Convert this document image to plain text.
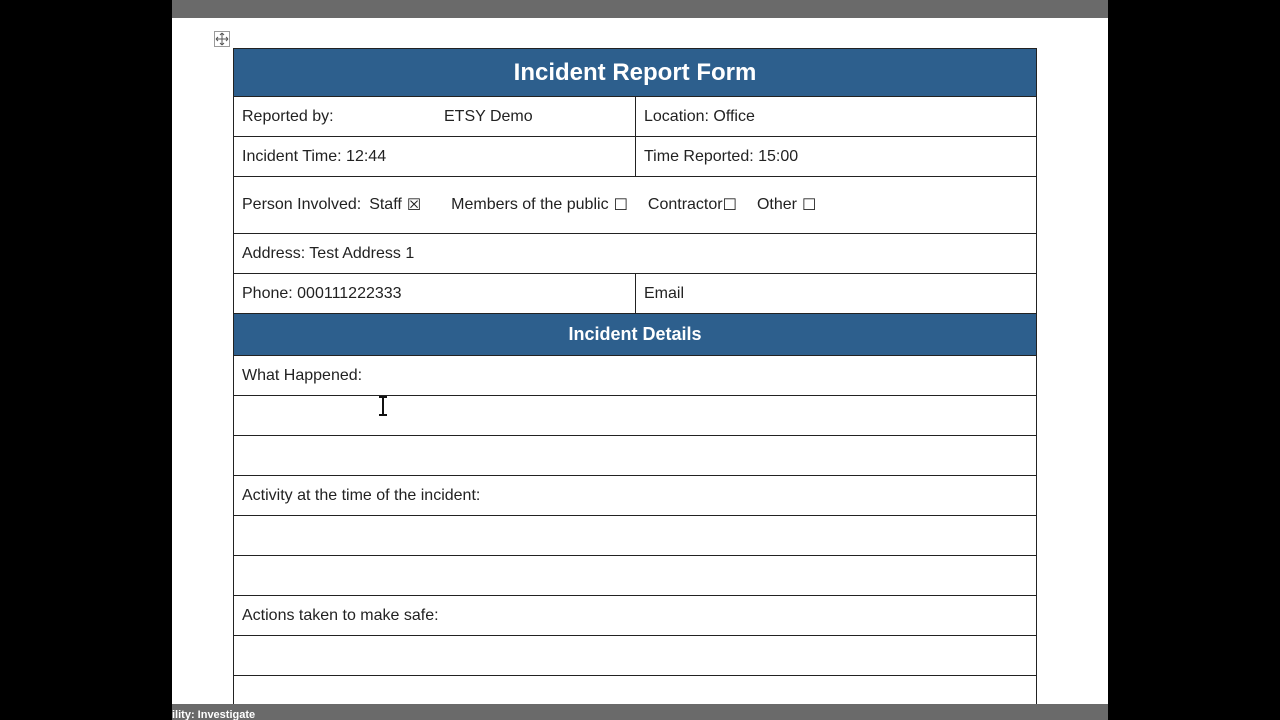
Incident Report Form
Reported by:	ETSY Demo	Location: Office
Incident Time: 12:44	Time Reported: 15:00
Person Involved: Staff ☒ Members of the public ☐ Contractor ☐ Other ☐
Address: Test Address 1
Phone: 000111222333	Email
Incident Details
What Happened:
Activity at the time of the incident:
Actions taken to make safe:
ility: Investigate
